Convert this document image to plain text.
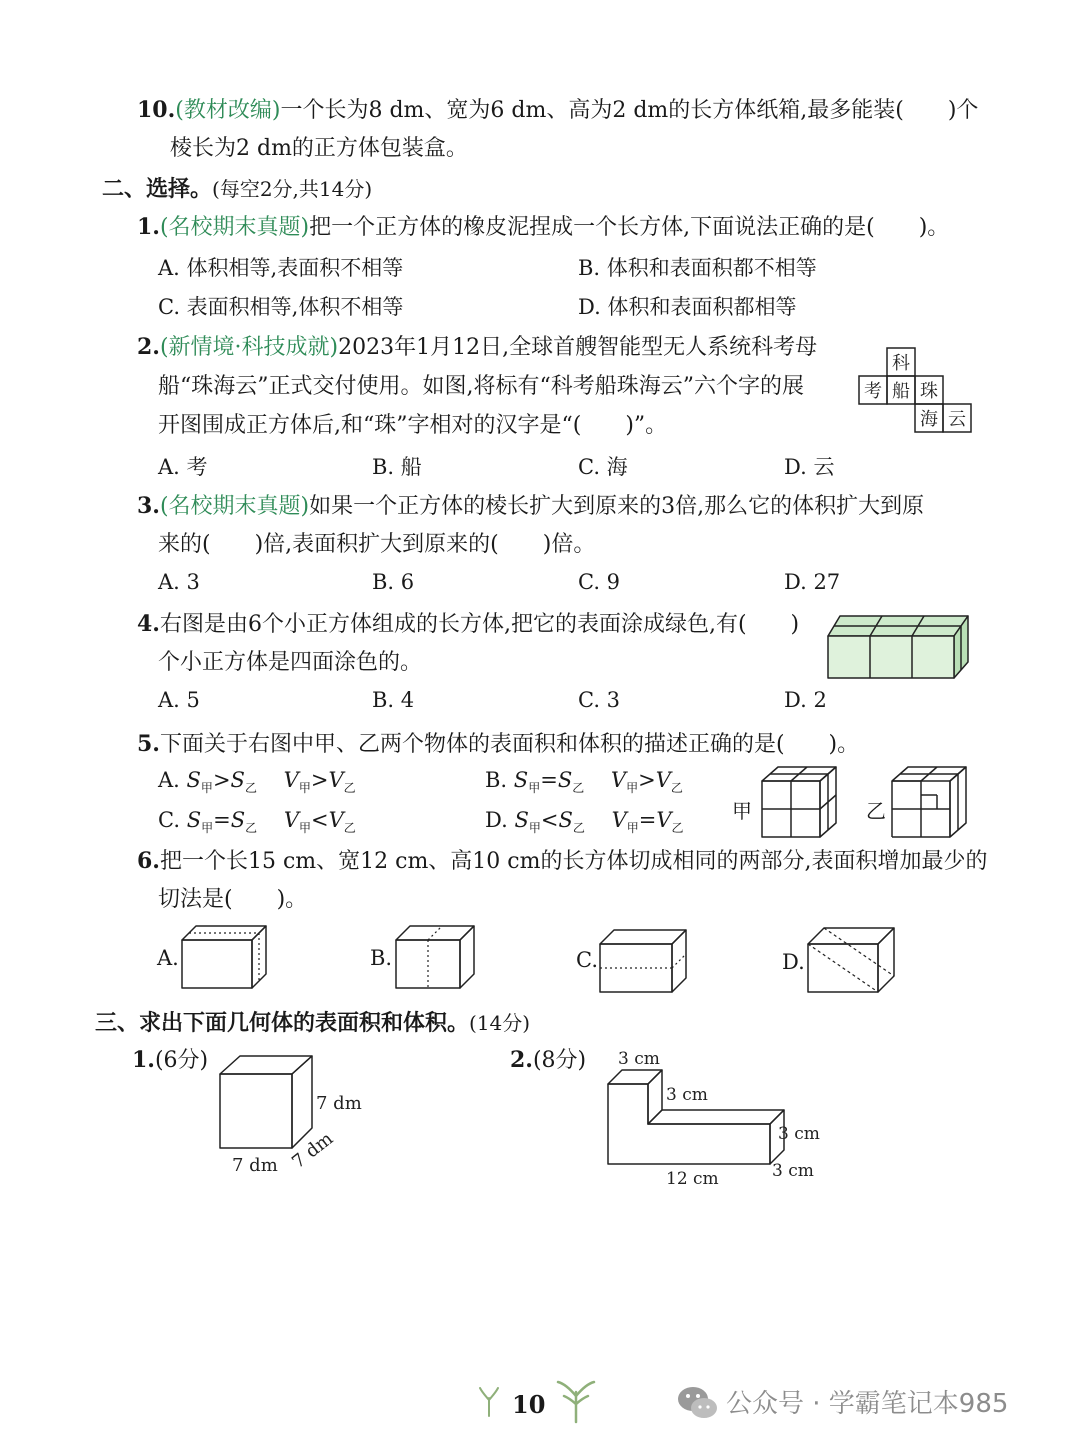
10.(教材改编)一个长为8 dm、宽为6 dm、高为2 dm的长方体纸箱,最多能装(　　)个
棱长为2 dm的正方体包装盒。
二、选择。(每空2分,共14分)
1.(名校期末真题)把一个正方体的橡皮泥捏成一个长方体,下面说法正确的是(　　)。
A. 体积相等,表面积不相等	B. 体积和表面积都不相等
C. 表面积相等,体积不相等	D. 体积和表面积都相等
2.(新情境·科技成就)2023年1月12日,全球首艘智能型无人系统科考母
船“珠海云”正式交付使用。如图,将标有“科考船珠海云”六个字的展
开图围成正方体后,和“珠”字相对的汉字是“(　　)”。
科
考 船 珠
海 云
A. 考	B. 船	C. 海	D. 云
3.(名校期末真题)如果一个正方体的棱长扩大到原来的3倍,那么它的体积扩大到原
来的(　　)倍,表面积扩大到原来的(　　)倍。
A. 3	B. 6	C. 9	D. 27
4.右图是由6个小正方体组成的长方体,把它的表面涂成绿色,有(　　)
个小正方体是四面涂色的。
A. 5	B. 4	C. 3	D. 2
5.下面关于右图中甲、乙两个物体的表面积和体积的描述正确的是(　　)。
A. $S_甲>S_乙$ $V_甲>V_乙$	B. $S_甲=S_乙$ $V_甲>V_乙$
C. $S_甲=S_乙$ $V_甲<V_乙$	D. $S_甲<S_乙$ $V_甲=V_乙$
甲	乙
6.把一个长15 cm、宽12 cm、高10 cm的长方体切成相同的两部分,表面积增加最少的
切法是(　　)。
A.	B.	C.	D.
三、求出下面几何体的表面积和体积。(14分)
1.(6分)
7 dm
7 dm 7 dm
2.(8分) 3 cm
3 cm
3 cm
12 cm	3 cm
10	公众号 · 学霸笔记本985
